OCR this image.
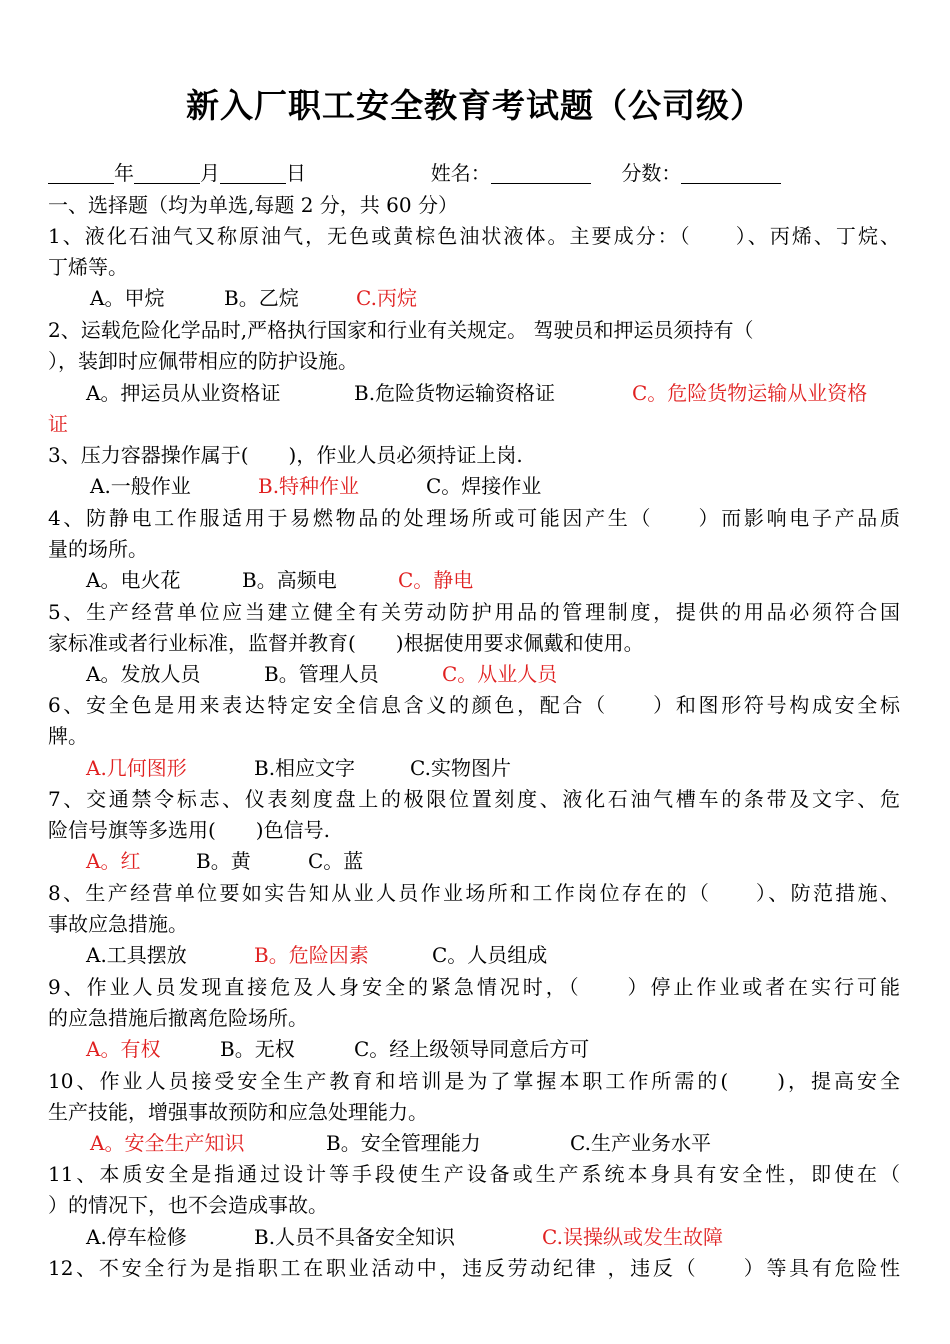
新入厂职工安全教育考试题（公司级）
年	月	日	姓名：	分数：
一、选择题（均为单选,每题 2 分，共 60 分）
1、液化石油气又称原油气，无色或黄棕色油状液体。主要成分：（　　）、丙烯、丁烷、
丁烯等。
A。甲烷	B。乙烷	C.丙烷
2、运载危险化学品时,严格执行国家和行业有关规定。 驾驶员和押运员须持有（
），装卸时应佩带相应的防护设施。
A。押运员从业资格证	B.危险货物运输资格证	C。危险货物运输从业资格
证
3、压力容器操作属于(　　)，作业人员必须持证上岗.
A.一般作业	B.特种作业	C。焊接作业
4、防静电工作服适用于易燃物品的处理场所或可能因产生（　　）而影响电子产品质
量的场所。
A。电火花	B。高频电	C。静电
5、生产经营单位应当建立健全有关劳动防护用品的管理制度，提供的用品必须符合国
家标准或者行业标准，监督并教育(　　)根据使用要求佩戴和使用。
A。发放人员	B。管理人员	C。从业人员
6、安全色是用来表达特定安全信息含义的颜色，配合（　　）和图形符号构成安全标
牌。
A.几何图形	B.相应文字	C.实物图片
7、交通禁令标志、仪表刻度盘上的极限位置刻度、液化石油气槽车的条带及文字、危
险信号旗等多选用(　　)色信号.
A。红	B。黄	C。蓝
8、生产经营单位要如实告知从业人员作业场所和工作岗位存在的（　　）、防范措施、
事故应急措施。
A.工具摆放	B。危险因素	C。人员组成
9、作业人员发现直接危及人身安全的紧急情况时，（　　）停止作业或者在实行可能
的应急措施后撤离危险场所。
A。有权	B。无权	C。经上级领导同意后方可
10、作业人员接受安全生产教育和培训是为了掌握本职工作所需的(　　)，提高安全
生产技能，增强事故预防和应急处理能力。
A。安全生产知识	B。安全管理能力	C.生产业务水平
11、本质安全是指通过设计等手段使生产设备或生产系统本身具有安全性，即使在（
）的情况下，也不会造成事故。
A.停车检修	B.人员不具备安全知识	C.误操纵或发生故障
12、不安全行为是指职工在职业活动中，违反劳动纪律 ，违反（　　）等具有危险性
